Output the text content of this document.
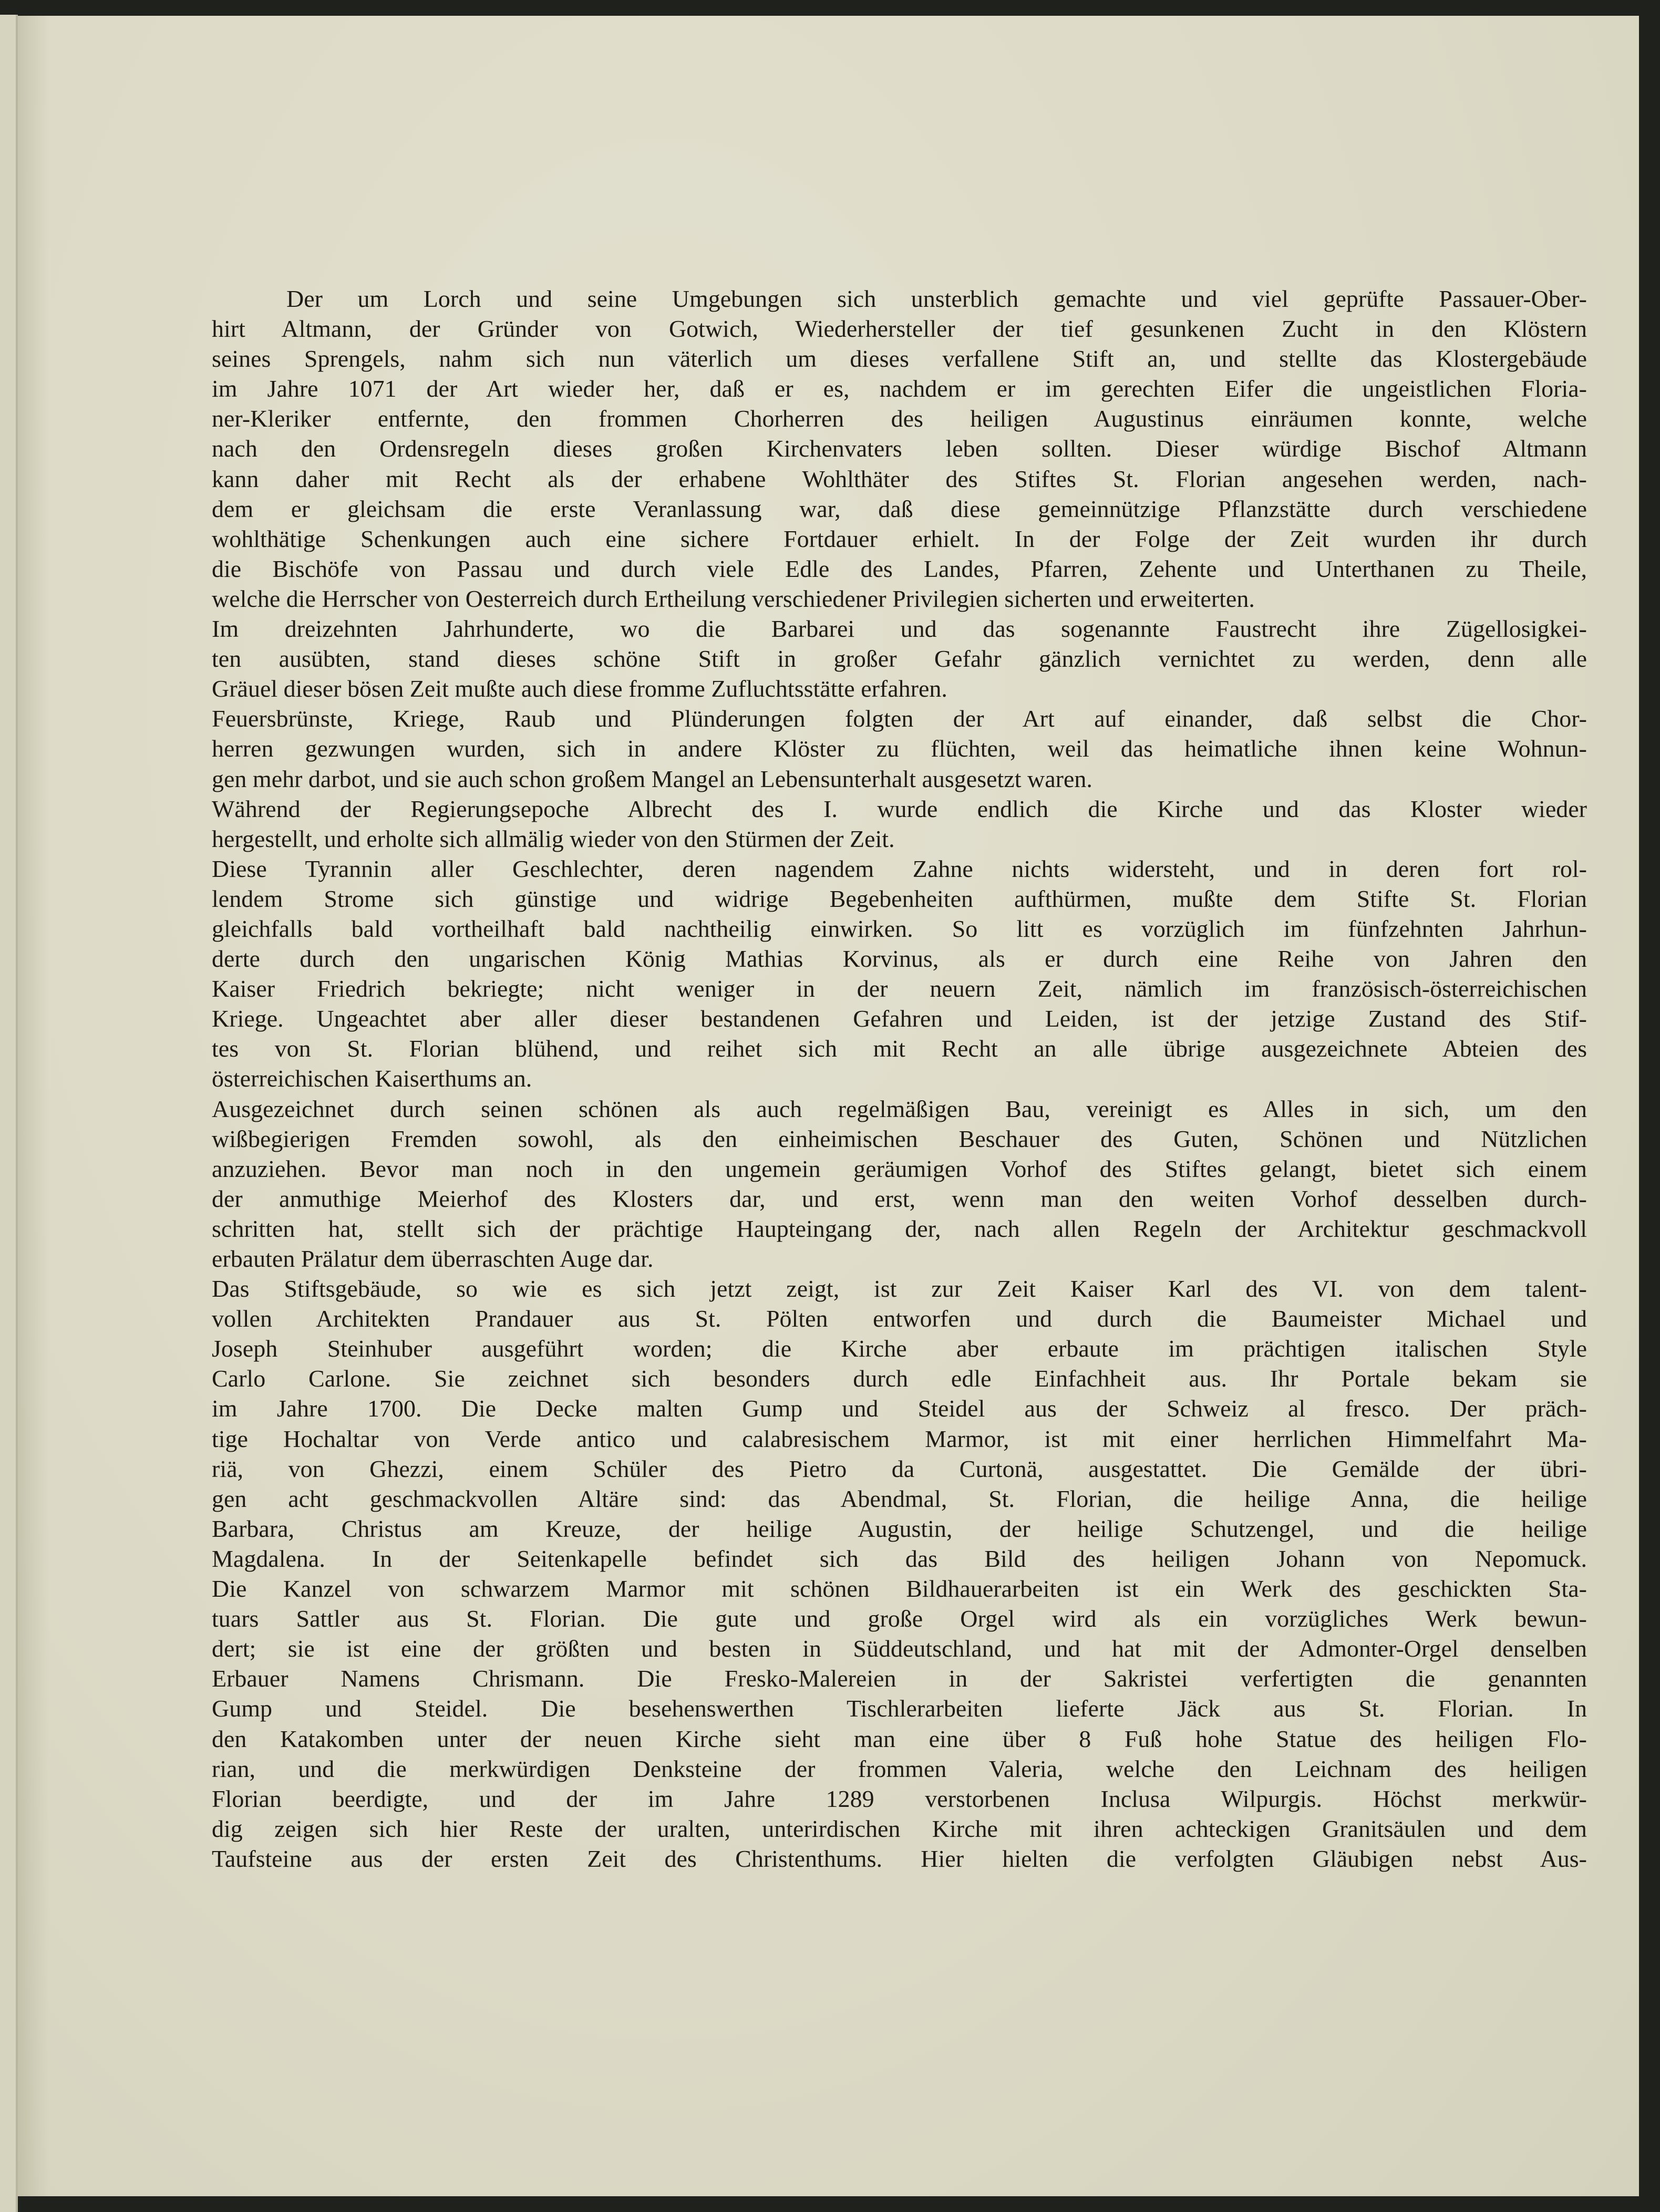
Der um Lorch und seine Umgebungen sich unsterblich gemachte und viel geprüfte Passauer-Ober-
hirt Altmann, der Gründer von Gotwich, Wiederhersteller der tief gesunkenen Zucht in den Klöstern
seines Sprengels, nahm sich nun väterlich um dieses verfallene Stift an, und stellte das Klostergebäude
im Jahre 1071 der Art wieder her, daß er es, nachdem er im gerechten Eifer die ungeistlichen Floria-
ner-Kleriker entfernte, den frommen Chorherren des heiligen Augustinus einräumen konnte, welche
nach den Ordensregeln dieses großen Kirchenvaters leben sollten. Dieser würdige Bischof Altmann
kann daher mit Recht als der erhabene Wohlthäter des Stiftes St. Florian angesehen werden, nach-
dem er gleichsam die erste Veranlassung war, daß diese gemeinnützige Pflanzstätte durch verschiedene
wohlthätige Schenkungen auch eine sichere Fortdauer erhielt. In der Folge der Zeit wurden ihr durch
die Bischöfe von Passau und durch viele Edle des Landes, Pfarren, Zehente und Unterthanen zu Theile,
welche die Herrscher von Oesterreich durch Ertheilung verschiedener Privilegien sicherten und erweiterten.
Im dreizehnten Jahrhunderte, wo die Barbarei und das sogenannte Faustrecht ihre Zügellosigkei-
ten ausübten, stand dieses schöne Stift in großer Gefahr gänzlich vernichtet zu werden, denn alle
Gräuel dieser bösen Zeit mußte auch diese fromme Zufluchtsstätte erfahren.
Feuersbrünste, Kriege, Raub und Plünderungen folgten der Art auf einander, daß selbst die Chor-
herren gezwungen wurden, sich in andere Klöster zu flüchten, weil das heimatliche ihnen keine Wohnun-
gen mehr darbot, und sie auch schon großem Mangel an Lebensunterhalt ausgesetzt waren.
Während der Regierungsepoche Albrecht des I. wurde endlich die Kirche und das Kloster wieder
hergestellt, und erholte sich allmälig wieder von den Stürmen der Zeit.
Diese Tyrannin aller Geschlechter, deren nagendem Zahne nichts widersteht, und in deren fort rol-
lendem Strome sich günstige und widrige Begebenheiten aufthürmen, mußte dem Stifte St. Florian
gleichfalls bald vortheilhaft bald nachtheilig einwirken. So litt es vorzüglich im fünfzehnten Jahrhun-
derte durch den ungarischen König Mathias Korvinus, als er durch eine Reihe von Jahren den
Kaiser Friedrich bekriegte; nicht weniger in der neuern Zeit, nämlich im französisch-österreichischen
Kriege. Ungeachtet aber aller dieser bestandenen Gefahren und Leiden, ist der jetzige Zustand des Stif-
tes von St. Florian blühend, und reihet sich mit Recht an alle übrige ausgezeichnete Abteien des
österreichischen Kaiserthums an.
Ausgezeichnet durch seinen schönen als auch regelmäßigen Bau, vereinigt es Alles in sich, um den
wißbegierigen Fremden sowohl, als den einheimischen Beschauer des Guten, Schönen und Nützlichen
anzuziehen. Bevor man noch in den ungemein geräumigen Vorhof des Stiftes gelangt, bietet sich einem
der anmuthige Meierhof des Klosters dar, und erst, wenn man den weiten Vorhof desselben durch-
schritten hat, stellt sich der prächtige Haupteingang der, nach allen Regeln der Architektur geschmackvoll
erbauten Prälatur dem überraschten Auge dar.
Das Stiftsgebäude, so wie es sich jetzt zeigt, ist zur Zeit Kaiser Karl des VI. von dem talent-
vollen Architekten Prandauer aus St. Pölten entworfen und durch die Baumeister Michael und
Joseph Steinhuber ausgeführt worden; die Kirche aber erbaute im prächtigen italischen Style
Carlo Carlone. Sie zeichnet sich besonders durch edle Einfachheit aus. Ihr Portale bekam sie
im Jahre 1700. Die Decke malten Gump und Steidel aus der Schweiz al fresco. Der präch-
tige Hochaltar von Verde antico und calabresischem Marmor, ist mit einer herrlichen Himmelfahrt Ma-
riä, von Ghezzi, einem Schüler des Pietro da Curtonä, ausgestattet. Die Gemälde der übri-
gen acht geschmackvollen Altäre sind: das Abendmal, St. Florian, die heilige Anna, die heilige
Barbara, Christus am Kreuze, der heilige Augustin, der heilige Schutzengel, und die heilige
Magdalena. In der Seitenkapelle befindet sich das Bild des heiligen Johann von Nepomuck.
Die Kanzel von schwarzem Marmor mit schönen Bildhauerarbeiten ist ein Werk des geschickten Sta-
tuars Sattler aus St. Florian. Die gute und große Orgel wird als ein vorzügliches Werk bewun-
dert; sie ist eine der größten und besten in Süddeutschland, und hat mit der Admonter-Orgel denselben
Erbauer Namens Chrismann. Die Fresko-Malereien in der Sakristei verfertigten die genannten
Gump und Steidel. Die besehenswerthen Tischlerarbeiten lieferte Jäck aus St. Florian. In
den Katakomben unter der neuen Kirche sieht man eine über 8 Fuß hohe Statue des heiligen Flo-
rian, und die merkwürdigen Denksteine der frommen Valeria, welche den Leichnam des heiligen
Florian beerdigte, und der im Jahre 1289 verstorbenen Inclusa Wilpurgis. Höchst merkwür-
dig zeigen sich hier Reste der uralten, unterirdischen Kirche mit ihren achteckigen Granitsäulen und dem
Taufsteine aus der ersten Zeit des Christenthums. Hier hielten die verfolgten Gläubigen nebst Aus-
